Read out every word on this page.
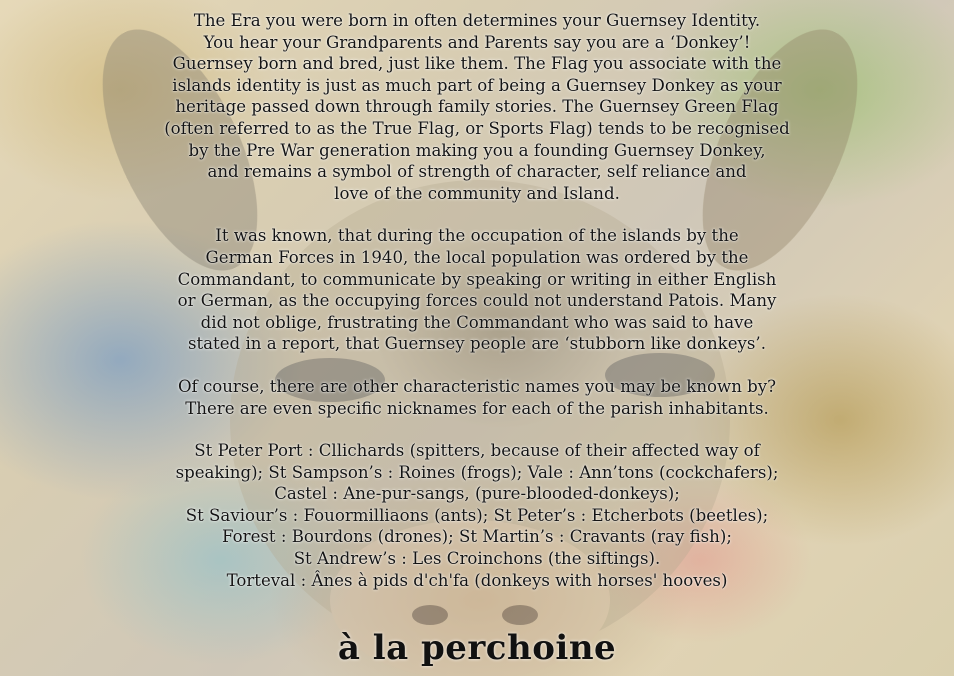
The Era you were born in often determines your Guernsey Identity.

You hear your Grandparents and Parents say you are a ‘Donkey’!

Guernsey born and bred, just like them. The Flag you associate with the

islands identity is just as much part of being a Guernsey Donkey as your

heritage passed down through family stories. The Guernsey Green Flag

(often referred to as the True Flag, or Sports Flag) tends to be recognised

by the Pre War generation making you a founding Guernsey Donkey,

and remains a symbol of strength of character, self reliance and

love of the community and Island.

It was known, that during the occupation of the islands by the

German Forces in 1940, the local population was ordered by the

Commandant, to communicate by speaking or writing in either English

or German, as the occupying forces could not understand Patois. Many

did not oblige, frustrating the Commandant who was said to have

stated in a report, that Guernsey people are ‘stubborn like donkeys’.

Of course, there are other characteristic names you may be known by?

There are even specific nicknames for each of the parish inhabitants.

St Peter Port : Cllichards (spitters, because of their affected way of

speaking); St Sampson’s : Roines (frogs); Vale : Ann’tons (cockchafers);

Castel : Ane-pur-sangs, (pure-blooded-donkeys);

St Saviour’s : Fouormilliaons (ants); St Peter’s : Etcherbots (beetles);

Forest : Bourdons (drones); St Martin’s : Cravants (ray fish);

St Andrew’s : Les Croinchons (the siftings).

Torteval : Ânes à pids d'ch'fa (donkeys with horses' hooves)

à la perchoine
